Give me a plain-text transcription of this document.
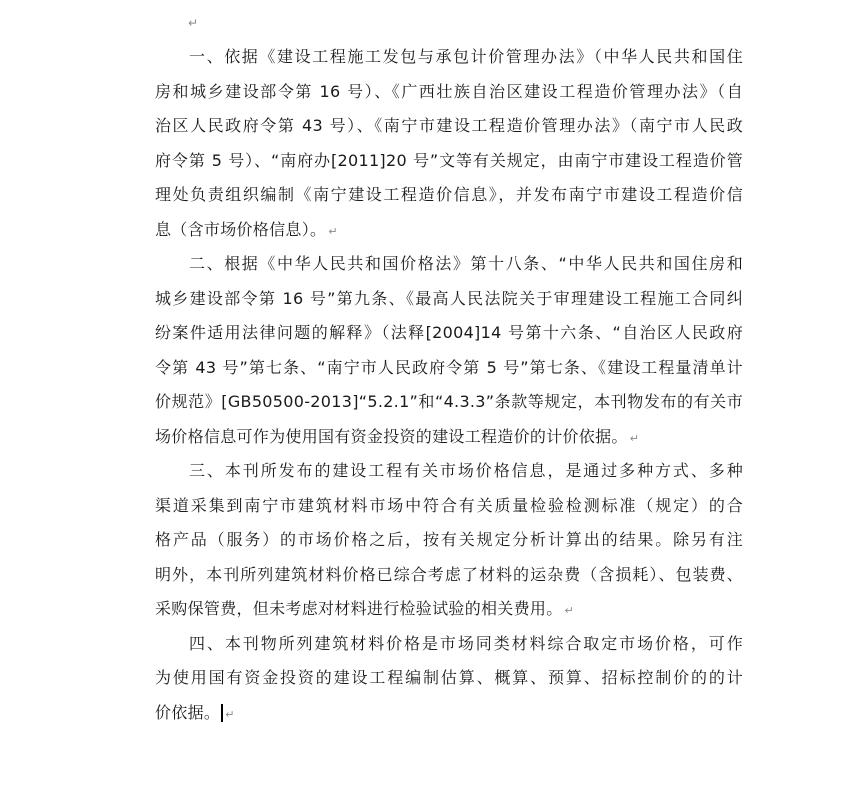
↵
一、依据《建设工程施工发包与承包计价管理办法》（中华人民共和国住
房和城乡建设部令第 16 号）、《广西壮族自治区建设工程造价管理办法》（自
治区人民政府令第 43 号）、《南宁市建设工程造价管理办法》（南宁市人民政
府令第 5 号）、“南府办[2011]20 号”文等有关规定，由南宁市建设工程造价管
理处负责组织编制《南宁建设工程造价信息》，并发布南宁市建设工程造价信
息（含市场价格信息）。 ↵
二、根据《中华人民共和国价格法》第十八条、“中华人民共和国住房和
城乡建设部令第 16 号”第九条、《最高人民法院关于审理建设工程施工合同纠
纷案件适用法律问题的解释》（法释[2004]14 号第十六条、“自治区人民政府
令第 43 号”第七条、“南宁市人民政府令第 5 号”第七条、《建设工程量清单计
价规范》[GB50500-2013]“5.2.1”和“4.3.3”条款等规定，本刊物发布的有关市
场价格信息可作为使用国有资金投资的建设工程造价的计价依据。 ↵
三、本刊所发布的建设工程有关市场价格信息，是通过多种方式、多种
渠道采集到南宁市建筑材料市场中符合有关质量检验检测标准（规定）的合
格产品（服务）的市场价格之后，按有关规定分析计算出的结果。除另有注
明外，本刊所列建筑材料价格已综合考虑了材料的运杂费（含损耗）、包装费、
采购保管费，但未考虑对材料进行检验试验的相关费用。 ↵
四、本刊物所列建筑材料价格是市场同类材料综合取定市场价格，可作
为使用国有资金投资的建设工程编制估算、概算、预算、招标控制价的的计
价依据。 ↵
